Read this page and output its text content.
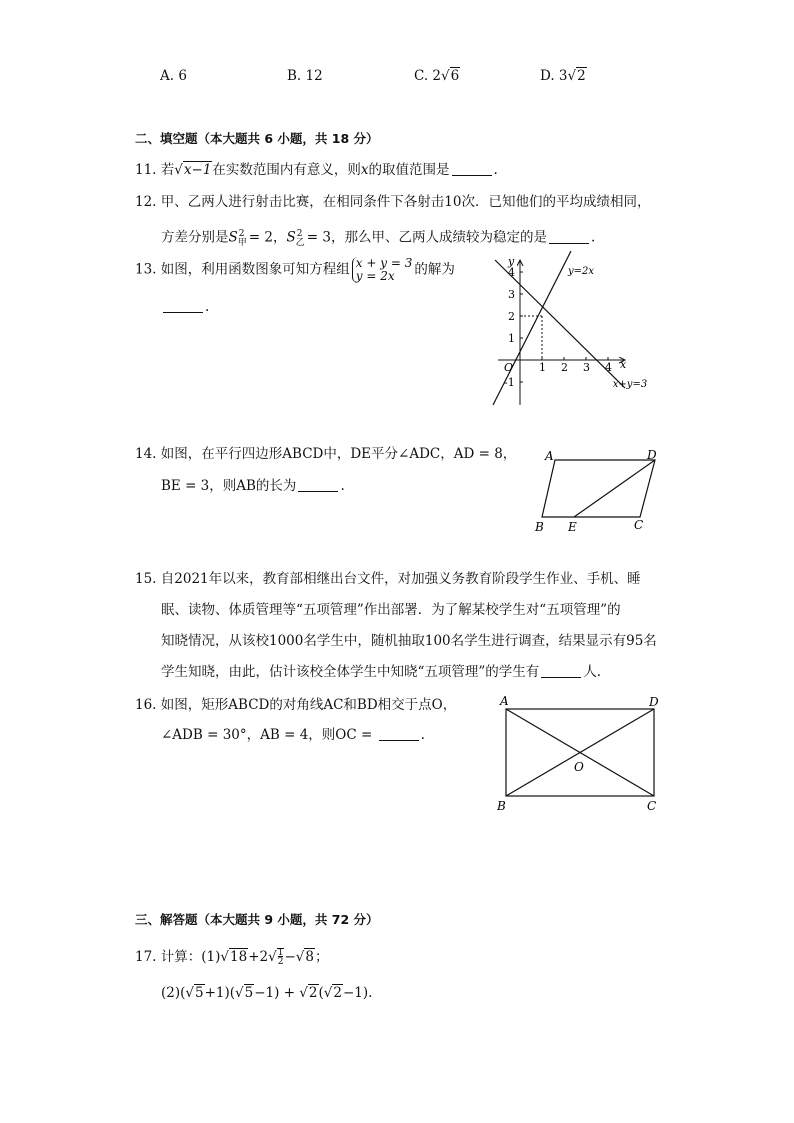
A. 6	B. 12	C. 2√6	D. 3√2
二、填空题（本大题共 6 小题，共 18 分）
11. 若√x−1在实数范围内有意义，则x的取值范围是	.
12. 甲、乙两人进行射击比赛，在相同条件下各射击10次．已知他们的平均成绩相同，
方差分别是$S_甲^2 = 2$，$S_乙^2 = 3$，那么甲、乙两人成绩较为稳定的是	.
13. 如图，利用函数图象可知方程组 x + y = 3
y = 2x 的解为
.
y
x
O
y=2x
x+y=3
1 2 3 4
4
3
2
1
-1
14. 如图，在平行四边形ABCD中，DE平分∠ADC，AD = 8，
BE = 3，则AB的长为	.
A	D
B E	C
15. 自2021年以来，教育部相继出台文件，对加强义务教育阶段学生作业、手机、睡
眠、读物、体质管理等“五项管理”作出部署．为了解某校学生对“五项管理”的
知晓情况，从该校1000名学生中，随机抽取100名学生进行调查，结果显示有95名
学生知晓，由此，估计该校全体学生中知晓“五项管理”的学生有	人.
16. 如图，矩形ABCD的对角线AC和BD相交于点O，
∠ADB = 30°，AB = 4，则OC =	.
A	D
B	C
O
三、解答题（本大题共 9 小题，共 72 分）
17. 计算：$(1)√18+2√\frac{1}{2}-√8$；
(2)(√5+1)(√5−1) + √2(√2−1).
